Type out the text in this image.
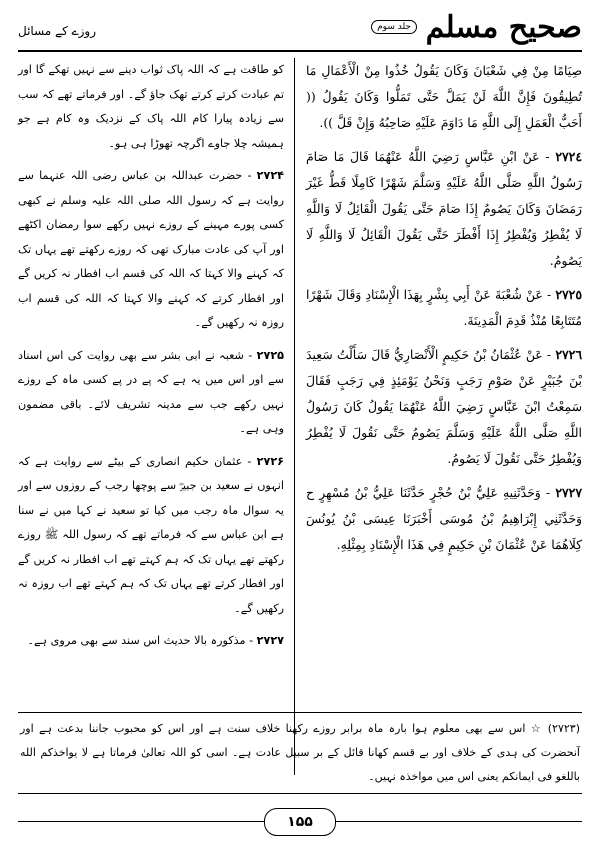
صحیح مسلم
جلد سوم
روزے کے مسائل
صِيَامًا مِنْ فِي شَعْبَانَ وَكَانَ يَقُولُ خُذُوا مِنْ الْأَعْمَالِ مَا تُطِيقُونَ فَإِنَّ اللَّهَ لَنْ يَمَلَّ حَتَّى تَمَلُّوا وَكَانَ يَقُولُ (( أَحَبُّ الْعَمَلِ إِلَى اللَّهِ مَا دَاوَمَ عَلَيْهِ صَاحِبُهُ وَإِنْ قَلَّ )).
٢٧٢٤ - عَنْ ابْنِ عَبَّاسٍ رَضِيَ اللَّهُ عَنْهُمَا قَالَ مَا صَامَ رَسُولُ اللَّهِ صَلَّى اللَّهُ عَلَيْهِ وَسَلَّمَ شَهْرًا كَامِلًا قَطُّ غَيْرَ رَمَضَانَ وَكَانَ يَصُومُ إِذَا صَامَ حَتَّى يَقُولَ الْقَائِلُ لَا وَاللَّهِ لَا يُفْطِرُ وَيُفْطِرُ إِذَا أَفْطَرَ حَتَّى يَقُولَ الْقَائِلُ لَا وَاللَّهِ لَا يَصُومُ.
٢٧٢٥ - عَنْ شُعْبَةَ عَنْ أَبِي بِشْرٍ بِهَذَا الْإِسْنَادِ وَقَالَ شَهْرًا مُتَتَابِعًا مُنْذُ قَدِمَ الْمَدِينَةَ.
٢٧٢٦ - عَنْ عُثْمَانُ بْنُ حَكِيمٍ الْأَنْصَارِيُّ قَالَ سَأَلْتُ سَعِيدَ بْنَ جُبَيْرٍ عَنْ صَوْمِ رَجَبٍ وَنَحْنُ يَوْمَئِذٍ فِي رَجَبٍ فَقَالَ سَمِعْتُ ابْنَ عَبَّاسٍ رَضِيَ اللَّهُ عَنْهُمَا يَقُولُ كَانَ رَسُولُ اللَّهِ صَلَّى اللَّهُ عَلَيْهِ وَسَلَّمَ يَصُومُ حَتَّى نَقُولَ لَا يُفْطِرُ وَيُفْطِرُ حَتَّى نَقُولَ لَا يَصُومُ.
٢٧٢٧ - وَحَدَّثَنِيهِ عَلِيُّ بْنُ حُجْرٍ حَدَّثَنَا عَلِيُّ بْنُ مُسْهِرٍ ح وَحَدَّثَنِي إِبْرَاهِيمُ بْنُ مُوسَى أَخْبَرَنَا عِيسَى بْنُ يُونُسَ كِلَاهُمَا عَنْ عُثْمَانَ بْنِ حَكِيمٍ فِي هَذَا الْإِسْنَادِ بِمِثْلِهِ.
کو طاقت ہے کہ اللہ پاک ثواب دینے سے نہیں تھکے گا اور تم عبادت کرتے کرتے تھک جاؤ گے۔ اور فرماتے تھے کہ سب سے زیادہ پیارا کام اللہ پاک کے نزدیک وہ کام ہے جو ہمیشہ چلا جاوے اگرچہ تھوڑا ہی ہو۔
۲۷۲۴ - حضرت عبداللہ بن عباس رضی اللہ عنہما سے روایت ہے کہ رسول اللہ صلی اللہ علیہ وسلم نے کبھی کسی پورے مہینے کے روزے نہیں رکھے سوا رمضان اکٹھے اور آپ کی عادت مبارک تھی کہ روزے رکھتے تھے یہاں تک کہ کہنے والا کہتا کہ اللہ کی قسم اب افطار نہ کریں گے اور افطار کرتے کہ کہنے والا کہتا کہ اللہ کی قسم اب روزہ نہ رکھیں گے۔
۲۷۲۵ - شعبہ نے ابی بشر سے بھی روایت کی اس اسناد سے اور اس میں یہ ہے کہ پے در پے کسی ماہ کے روزے نہیں رکھے جب سے مدینہ تشریف لائے۔ باقی مضمون وہی ہے۔
۲۷۲۶ - عثمان حکیم انصاری کے بیٹے سے روایت ہے کہ انہوں نے سعید بن جبیرؓ سے پوچھا رجب کے روزوں سے اور یہ سوال ماہ رجب میں کیا تو سعید نے کہا میں نے سنا ہے ابن عباس سے کہ فرماتے تھے کہ رسول اللہ ﷺ روزے رکھتے تھے یہاں تک کہ ہم کہتے تھے اب افطار نہ کریں گے اور افطار کرتے تھے یہاں تک کہ ہم کہتے تھے اب روزہ نہ رکھیں گے۔
۲۷۲۷ - مذکورہ بالا حدیث اس سند سے بھی مروی ہے۔
(۲۷۲۳) ☆ اس سے بھی معلوم ہوا بارہ ماہ برابر روزے رکھنا خلاف سنت ہے اور اس کو محبوب جاننا بدعت ہے اور آنحضرت کی ہدی کے خلاف اور بے قسم کھانا قائل کے بر سبیل عادت ہے۔ اسی کو اللہ تعالیٰ فرماتا ہے لا یواخذکم الله باللغو فی ایمانکم یعنی اس میں مواخذہ نہیں۔
۱۵۵
